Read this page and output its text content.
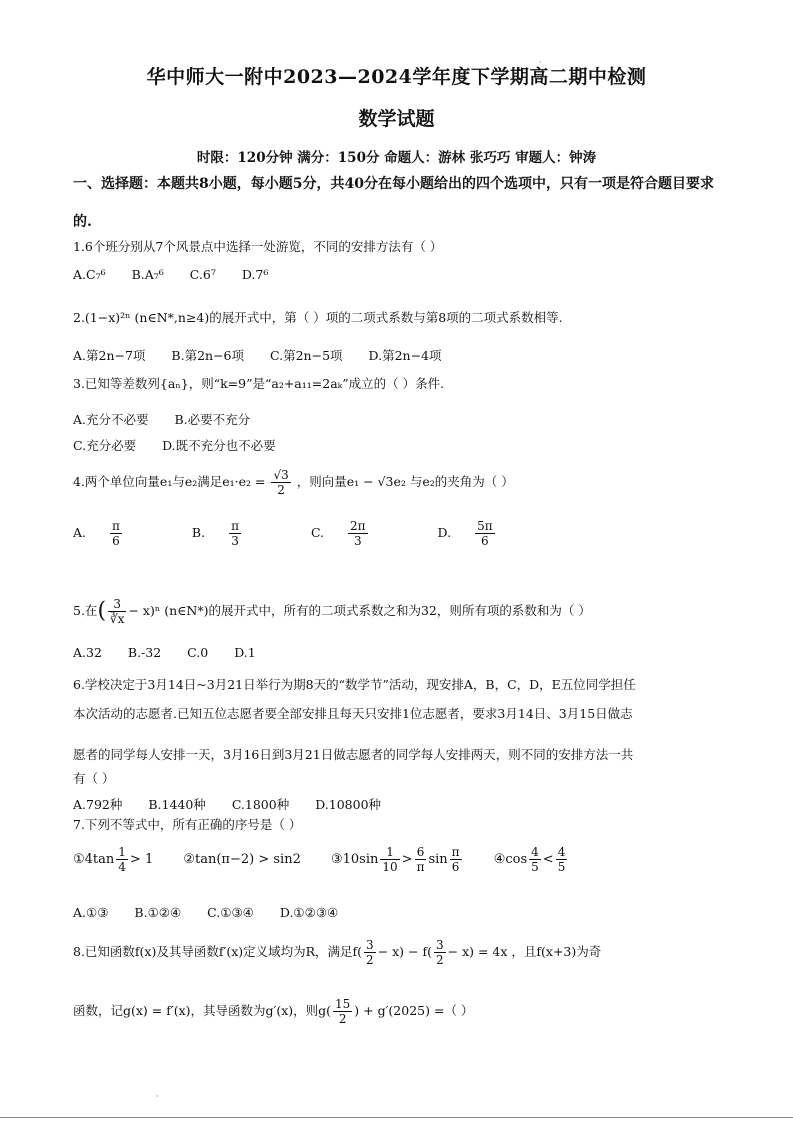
华中师大一附中2023—2024学年度下学期高二期中检测
数学试题
时限：120分钟 满分：150分 命题人：游林 张巧巧 审题人：钟涛
一、选择题：本题共8小题，每小题5分，共40分在每小题给出的四个选项中，只有一项是符合题目要求的.
1.6个班分别从7个风景点中选择一处游览，不同的安排方法有（ ）
A.C₇⁶ B.A₇⁶ C.6⁷ D.7⁶
2.(1−x)²ⁿ (n∈N*,n≥4)的展开式中，第（ ）项的二项式系数与第8项的二项式系数相等.
A.第2n−7项 B.第2n−6项 C.第2n−5项 D.第2n−4项
3.已知等差数列{aₙ}，则“k=9”是“a₂+a₁₁=2aₖ”成立的（ ）条件.
A.充分不必要 B.必要不充分
C.充分必要 D.既不充分也不必要
4.两个单位向量e₁与e₂满足$e_1\cdot e_2 = \frac{√3}{2}$ ，则向量e₁ − √3e₂ 与e₂的夹角为（ ）
A. $\frac{\pi}{6}$	B. $\frac{\pi}{3}$	C. $\frac{2\pi}{3}$	D. $\frac{5\pi}{6}$
5.在( $\frac{3}{∛x} - x)^n$ (n∈N*)的展开式中，所有的二项式系数之和为32，则所有项的系数和为（ ）
A.32 B.-32 C.0 D.1
6.学校决定于3月14日~3月21日举行为期8天的“数学节”活动，现安排A，B，C，D，E五位同学担任
本次活动的志愿者.已知五位志愿者要全部安排且每天只安排1位志愿者，要求3月14日、3月15日做志
愿者的同学每人安排一天，3月16日到3月21日做志愿者的同学每人安排两天，则不同的安排方法一共
有（ ）
A.792种 B.1440种 C.1800种 D.10800种
7.下列不等式中，所有正确的序号是（ ）
①4tan $\frac{1}{4} > 1$ ②tan(π−2) > sin2 ③10sin $\frac{1}{10} > \frac{6}{\pi}$ $\sin \frac{\pi}{6}$ ④cos $\frac{4}{5} < \frac{4}{5}$
A.①③ B.①②④ C.①③④ D.①②③④
8.已知函数f(x)及其导函数f′(x)定义域均为R，满足$f( \frac{3}{2} - x) - f( \frac{3}{2} - x) = 4x$ ，且f(x+3)为奇
函数，记g(x) = f′(x)，其导函数为g′(x)，则$g( \frac{15}{2}$ ) + g′(2025) =（ ）
·
·
